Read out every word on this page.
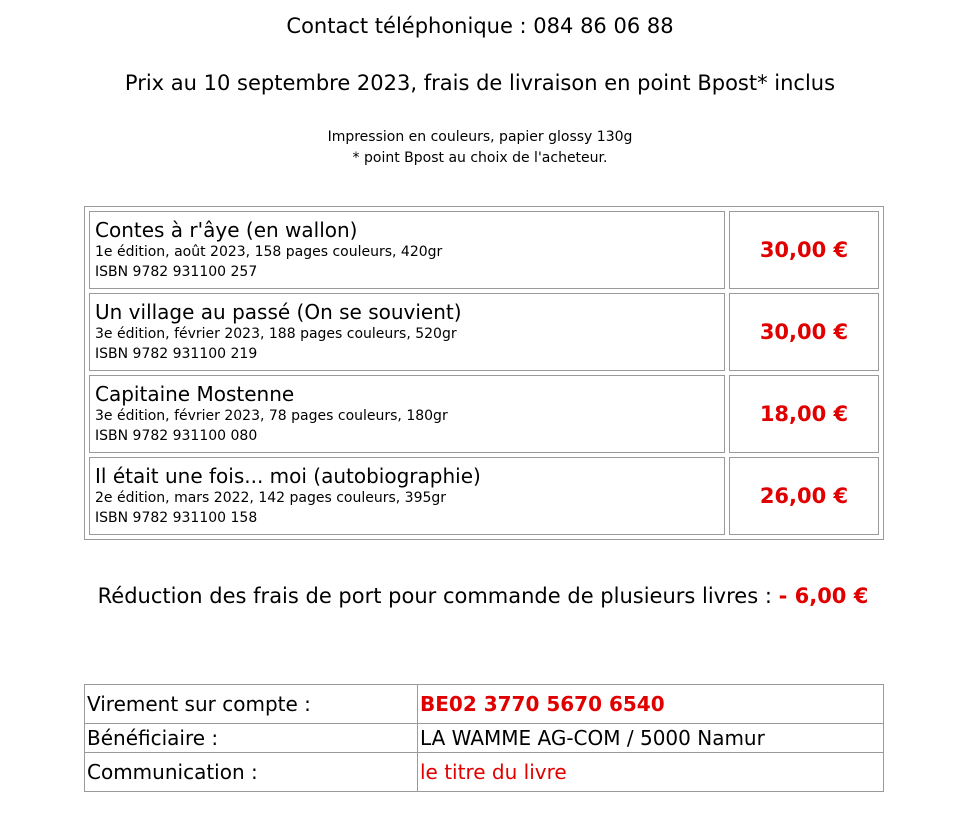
Contact téléphonique : 084 86 06 88
Prix au 10 septembre 2023, frais de livraison en point Bpost* inclus
Impression en couleurs, papier glossy 130g
* point Bpost au choix de l'acheteur.
Contes à r'âye (en wallon)
1e édition, août 2023, 158 pages couleurs, 420gr
ISBN 9782 931100 257	30,00 €

Un village au passé (On se souvient)
3e édition, février 2023, 188 pages couleurs, 520gr
ISBN 9782 931100 219	30,00 €

Capitaine Mostenne
3e édition, février 2023, 78 pages couleurs, 180gr
ISBN 9782 931100 080	18,00 €

Il était une fois... moi (autobiographie)
2e édition, mars 2022, 142 pages couleurs, 395gr
ISBN 9782 931100 158	26,00 €
Réduction des frais de port pour commande de plusieurs livres : - 6,00 €
Virement sur compte :	BE02 3770 5670 6540
Bénéficiaire :	LA WAMME AG-COM / 5000 Namur
Communication :	le titre du livre
